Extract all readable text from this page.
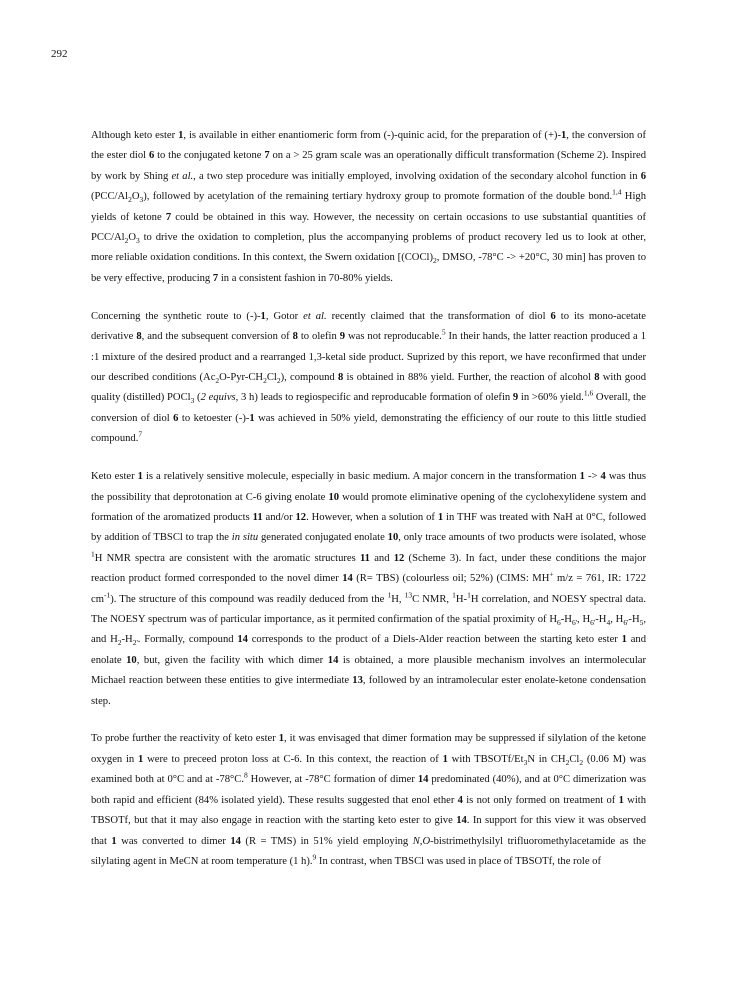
292

Although keto ester 1, is available in either enantiomeric form from (-)-quinic acid, for the preparation of (+)-1, the conversion of the ester diol 6 to the conjugated ketone 7 on a > 25 gram scale was an operationally difficult transformation (Scheme 2). Inspired by work by Shing et al., a two step procedure was initially employed, involving oxidation of the secondary alcohol function in 6 $(PCC/Al_2O_3)$, followed by acetylation of the remaining tertiary hydroxy group to promote formation of the double bond.$^{1,4}$ High yields of ketone 7 could be obtained in this way. However, the necessity on certain occasions to use substantial quantities of PCC/$Al_2O_3$ to drive the oxidation to completion, plus the accompanying problems of product recovery led us to look at other, more reliable oxidation conditions. In this context, the Swern oxidation [$(COCl)_2$, DMSO, -78°C -> +20°C, 30 min] has proven to be very effective, producing 7 in a consistent fashion in 70-80% yields.

Concerning the synthetic route to (-)-1, Gotor et al. recently claimed that the transformation of diol 6 to its mono-acetate derivative 8, and the subsequent conversion of 8 to olefin 9 was not reproducable.$^5$ In their hands, the latter reaction produced a 1 :1 mixture of the desired product and a rearranged 1,3-ketal side product. Suprized by this report, we have reconfirmed that under our described conditions $(Ac_2O-Pyr-CH_2Cl_2)$, compound 8 is obtained in 88% yield. Further, the reaction of alcohol 8 with good quality (distilled) POCl$_3$ (2 equivs, 3 h) leads to regiospecific and reproducable formation of olefin 9 in >60% yield.$^{1,6}$ Overall, the conversion of diol 6 to ketoester (-)-1 was achieved in 50% yield, demonstrating the efficiency of our route to this little studied compound.$^7$

Keto ester 1 is a relatively sensitive molecule, especially in basic medium. A major concern in the transformation 1 -> 4 was thus the possibility that deprotonation at C-6 giving enolate 10 would promote eliminative opening of the cyclohexylidene system and formation of the aromatized products 11 and/or 12. However, when a solution of 1 in THF was treated with NaH at 0°C, followed by addition of TBSCl to trap the in situ generated conjugated enolate 10, only trace amounts of two products were isolated, whose $^1$H NMR spectra are consistent with the aromatic structures 11 and 12 (Scheme 3). In fact, under these conditions the major reaction product formed corresponded to the novel dimer 14 (R= TBS) (colourless oil; 52%) (CIMS: MH+ m/z = 761, IR: 1722 $cm^{-1}$). The structure of this compound was readily deduced from the $^1$H, $^{13}$C NMR, $^1$H-$^1$H correlation, and NOESY spectral data. The NOESY spectrum was of particular importance, as it permited confirmation of the spatial proximity of $H_6-H_{6'}$, $H_{6'}-H_4$, $H_{6'}-H_5$, and $H_2-H_{2'}$. Formally, compound 14 corresponds to the product of a Diels-Alder reaction between the starting keto ester 1 and enolate 10, but, given the facility with which dimer 14 is obtained, a more plausible mechanism involves an intermolecular Michael reaction between these entities to give intermediate 13, followed by an intramolecular ester enolate-ketone condensation step.

To probe further the reactivity of keto ester 1, it was envisaged that dimer formation may be suppressed if silylation of the ketone oxygen in 1 were to preceed proton loss at C-6. In this context, the reaction of 1 with TBSOTf/$Et_3N$ in $CH_2Cl_2$ (0.06 M) was examined both at 0°C and at -78°C.$^8$ However, at -78°C formation of dimer 14 predominated (40%), and at 0°C dimerization was both rapid and efficient (84% isolated yield). These results suggested that enol ether 4 is not only formed on treatment of 1 with TBSOTf, but that it may also engage in reaction with the starting keto ester to give 14. In support for this view it was observed that 1 was converted to dimer 14 (R = TMS) in 51% yield employing N,O-bistrimethylsilyl trifluoromethylacetamide as the silylating agent in MeCN at room temperature (1 h).$^9$ In contrast, when TBSCl was used in place of TBSOTf, the role of
